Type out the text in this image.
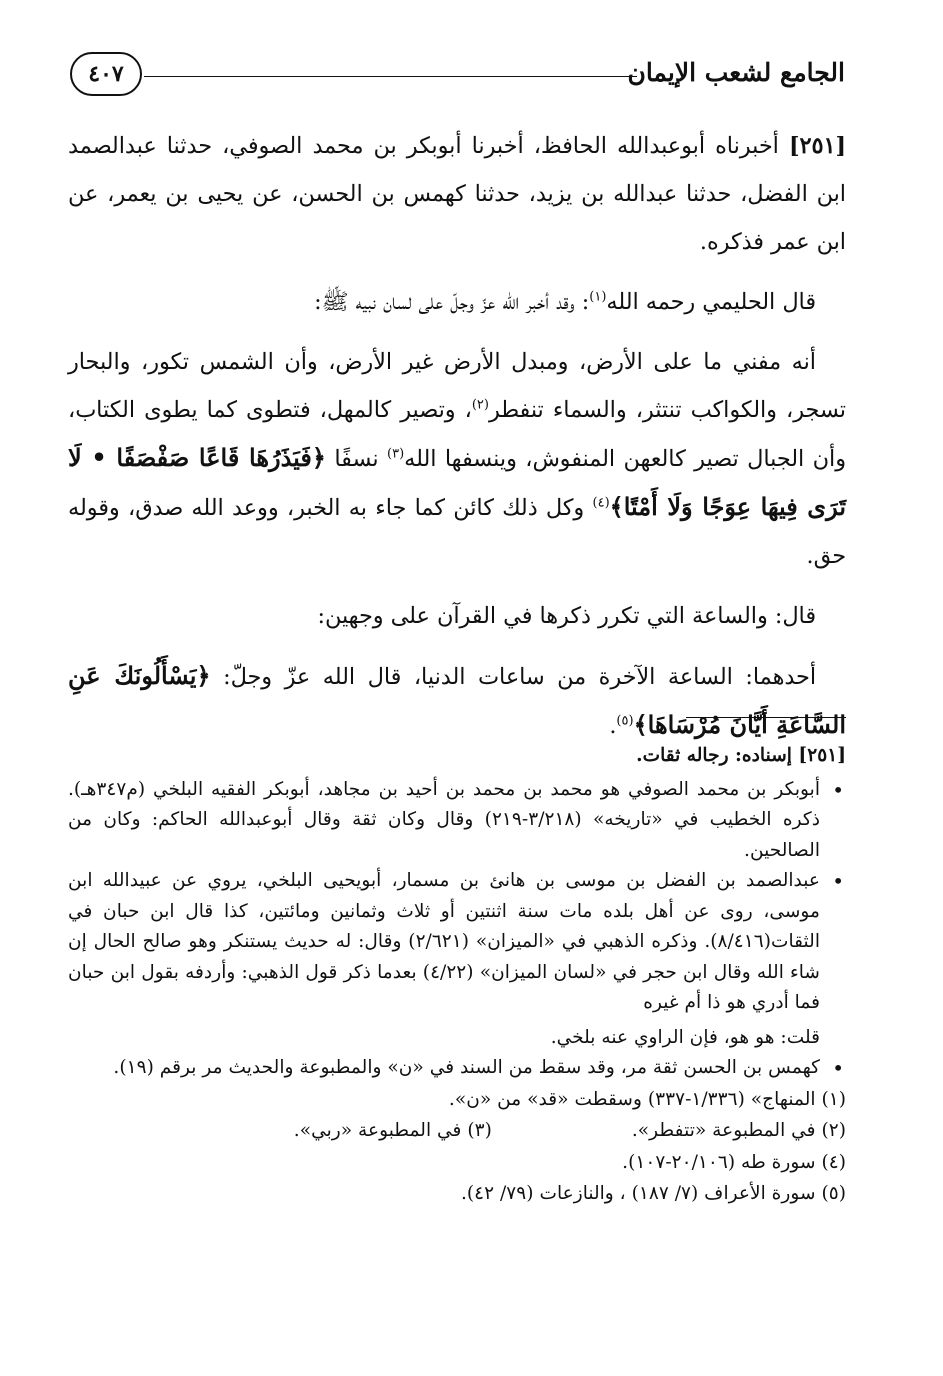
الجامع لشعب الإيمان
٤٠٧

[٢٥١] أخبرناه أبوعبدالله الحافظ، أخبرنا أبوبكر بن محمد الصوفي، حدثنا عبدالصمد ابن الفضل، حدثنا عبدالله بن يزيد، حدثنا كهمس بن الحسن، عن يحيى بن يعمر، عن ابن عمر فذكره.

قال الحليمي رحمه الله$^{(١)}$: وقد أخبر الله عزّ وجلّ على لسان نبيه ﷺ:

أنه مفني ما على الأرض، ومبدل الأرض غير الأرض، وأن الشمس تكور، والبحار تسجر، والكواكب تنتثر، والسماء تنفطر$^{(٢)}$، وتصير كالمهل، فتطوى كما يطوى الكتاب، وأن الجبال تصير كالعهن المنفوش، وينسفها الله$^{(٣)}$ نسفًا ﴿فَيَذَرُهَا قَاعًا صَفْصَفًا • لَا تَرَى فِيهَا عِوَجًا وَلَا أَمْتًا﴾$^{(٤)}$ وكل ذلك كائن كما جاء به الخبر، ووعد الله صدق، وقوله حق.

قال: والساعة التي تكرر ذكرها في القرآن على وجهين:

أحدهما: الساعة الآخرة من ساعات الدنيا، قال الله عزّ وجلّ: ﴿يَسْأَلُونَكَ عَنِ السَّاعَةِ أَيَّانَ مُرْسَاهَا﴾$^{(٥)}$.

[٢٥١] إسناده: رجاله ثقات.

•
أبوبكر بن محمد الصوفي هو محمد بن محمد بن أحيد بن مجاهد، أبوبكر الفقيه البلخي (م٣٤٧هـ). ذكره الخطيب في «تاريخه» (٣/٢١٨-٢١٩) وقال وكان ثقة وقال أبوعبدالله الحاكم: وكان من الصالحين.

•
عبدالصمد بن الفضل بن موسى بن هانئ بن مسمار، أبويحيى البلخي، يروي عن عبيدالله ابن موسى، روى عن أهل بلده مات سنة اثنتين أو ثلاث وثمانين ومائتين، كذا قال ابن حبان في الثقات(٨/٤١٦). وذكره الذهبي في «الميزان» (٢/٦٢١) وقال: له حديث يستنكر وهو صالح الحال إن شاء الله وقال ابن حجر في «لسان الميزان» (٤/٢٢) بعدما ذكر قول الذهبي: وأردفه بقول ابن حبان فما أدري هو ذا أم غيره

قلت: هو هو، فإن الراوي عنه بلخي.

•
كهمس بن الحسن ثقة مر، وقد سقط من السند في «ن» والمطبوعة والحديث مر برقم (١٩).

(١) المنهاج» (١/٣٣٦-٣٣٧) وسقطت «قد» من «ن».

(٢) في المطبوعة «تتفطر».
(٣) في المطبوعة «ربي».

(٤) سورة طه (٢٠/١٠٦-١٠٧).

(٥) سورة الأعراف (٧/ ١٨٧) ، والنازعات (٧٩/ ٤٢).
